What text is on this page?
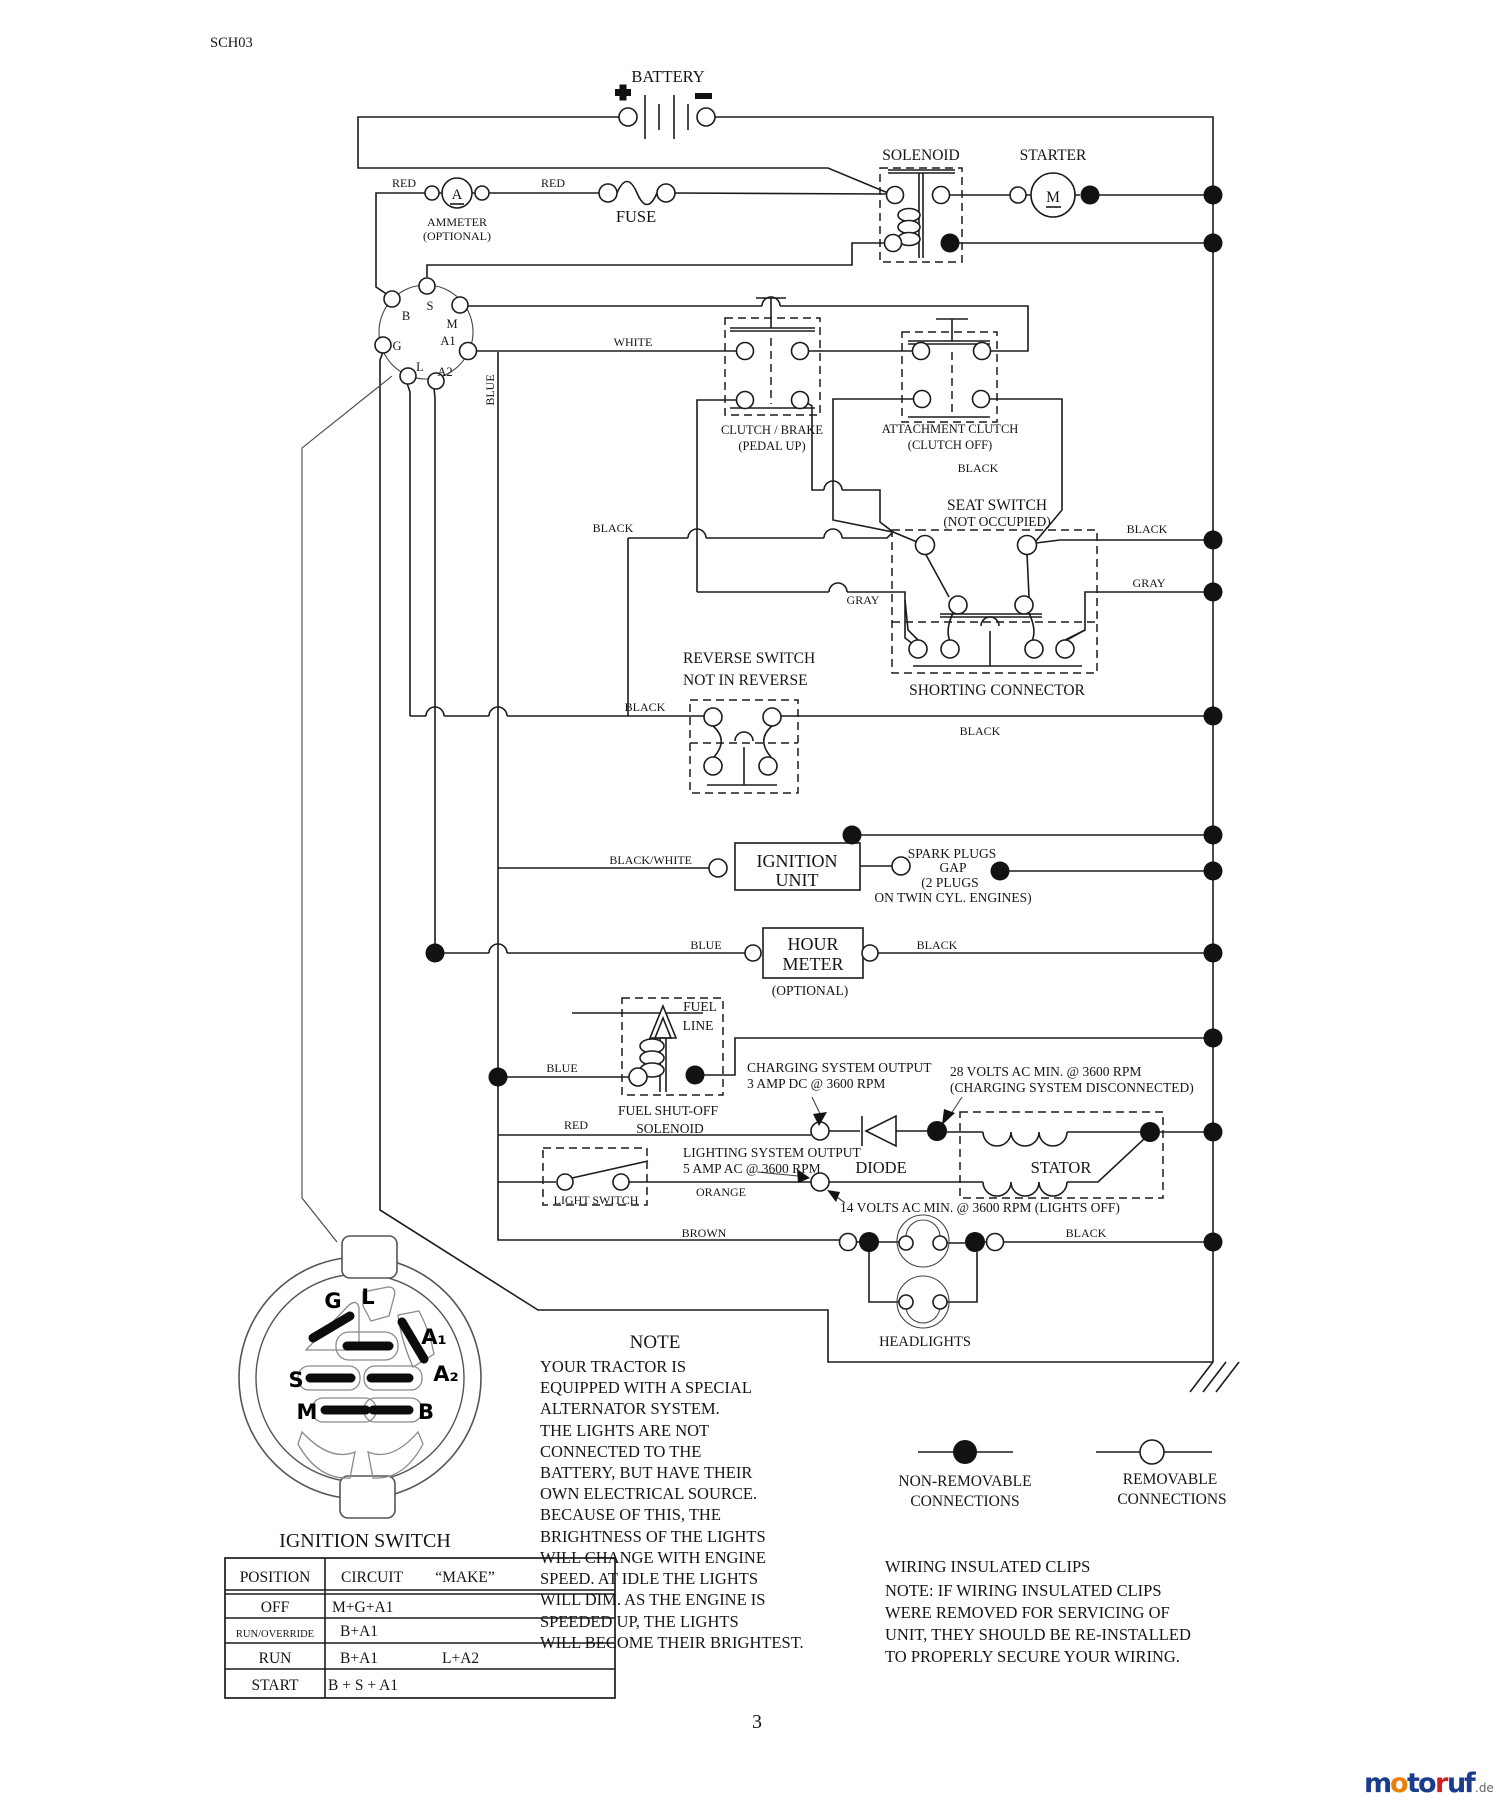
SCH03
BATTERY
RED	RED
A
AMMETER
(OPTIONAL)
FUSE
SOLENOID	STARTER
M
B
S
M
G	A1
L A2
WHITE
BLUE
CLUTCH / BRAKE
(PEDAL UP)
ATTACHMENT CLUTCH
(CLUTCH OFF)
BLACK
BLACK
BLACK
GRAY
GRAY
SEAT SWITCH
(NOT OCCUPIED)
SHORTING CONNECTOR
REVERSE SWITCH
NOT IN REVERSE
BLACK
BLACK
BLACK/WHITE	IGNITION
UNIT
SPARK PLUGS
GAP
(2 PLUGS
ON TWIN CYL. ENGINES)
BLUE	BLACK
HOUR
METER
(OPTIONAL)
FUEL
LINE
BLUE
FUEL SHUT-OFF
SOLENOID
CHARGING SYSTEM OUTPUT
3 AMP DC @ 3600 RPM
28 VOLTS AC MIN. @ 3600 RPM
(CHARGING SYSTEM DISCONNECTED)
RED
DIODE	STATOR
LIGHTING SYSTEM OUTPUT
5 AMP AC @ 3600 RPM
LIGHT SWITCH
ORANGE
14 VOLTS AC MIN. @ 3600 RPM (LIGHTS OFF)
BROWN	BLACK
HEADLIGHTS
G L
A₁
A₂
S
M	B
IGNITION SWITCH
NOTE
YOUR TRACTOR IS
EQUIPPED WITH A SPECIAL
ALTERNATOR SYSTEM.
THE LIGHTS ARE NOT
CONNECTED TO THE
BATTERY, BUT HAVE THEIR
OWN ELECTRICAL SOURCE.
BECAUSE OF THIS, THE
BRIGHTNESS OF THE LIGHTS
WILL CHANGE WITH ENGINE
SPEED. AT IDLE THE LIGHTS
WILL DIM. AS THE ENGINE IS
SPEEDED UP, THE LIGHTS
WILL BECOME THEIR BRIGHTEST.
NON-REMOVABLE
CONNECTIONS
REMOVABLE
CONNECTIONS
WIRING INSULATED CLIPS
NOTE: IF WIRING INSULATED CLIPS
WERE REMOVED FOR SERVICING OF
UNIT, THEY SHOULD BE RE-INSTALLED
TO PROPERLY SECURE YOUR WIRING.
POSITION CIRCUIT “MAKE”
OFF	M+G+A1
RUN/OVERRIDE B+A1
RUN	B+A1	L+A2
START B + S + A1
3
m
o
t
o
r
u
f .de
